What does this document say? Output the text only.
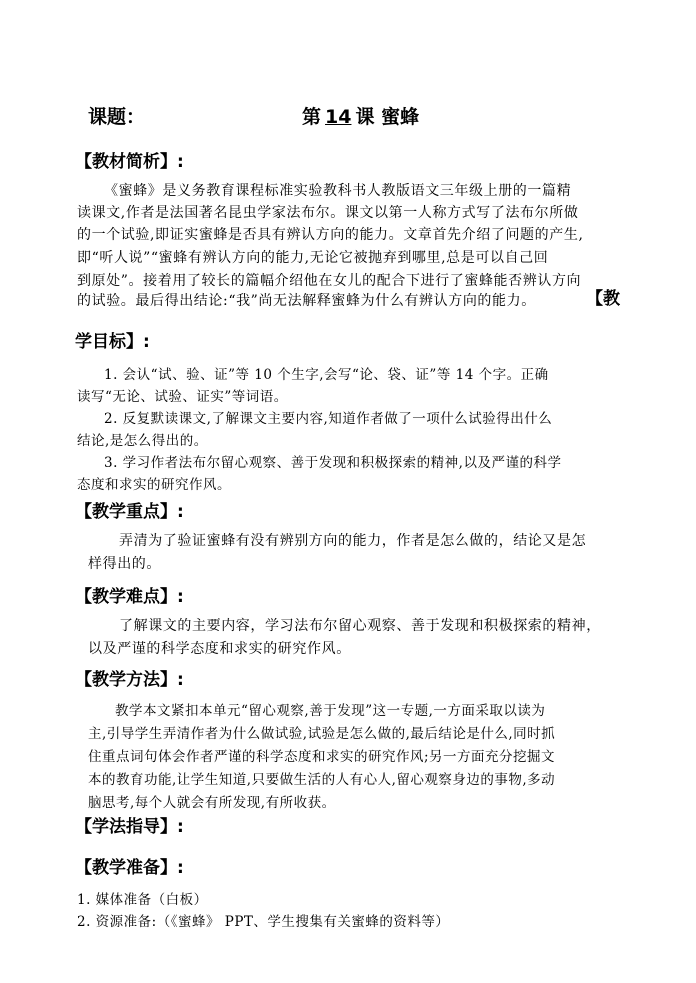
课题：	第 14 课 蜜蜂
【教材简析】:
《蜜蜂》是义务教育课程标准实验教科书人教版语文三年级上册的一篇精
读课文,作者是法国著名昆虫学家法布尔。课文以第一人称方式写了法布尔所做
的一个试验,即证实蜜蜂是否具有辨认方向的能力。文章首先介绍了问题的产生,
即“听人说”“蜜蜂有辨认方向的能力,无论它被抛弃到哪里,总是可以自己回
到原处”。接着用了较长的篇幅介绍他在女儿的配合下进行了蜜蜂能否辨认方向
的试验。最后得出结论:“我”尚无法解释蜜蜂为什么有辨认方向的能力。	【教
学目标】:
1. 会认“试、验、证”等 10 个生字,会写“论、袋、证”等 14 个字。正确
读写“无论、试验、证实”等词语。
2. 反复默读课文,了解课文主要内容,知道作者做了一项什么试验得出什么
结论,是怎么得出的。
3. 学习作者法布尔留心观察、善于发现和积极探索的精神,以及严谨的科学
态度和求实的研究作风。
【教学重点】:
弄清为了验证蜜蜂有没有辨别方向的能力，作者是怎么做的，结论又是怎
样得出的。
【教学难点】:
了解课文的主要内容，学习法布尔留心观察、善于发现和积极探索的精神，
以及严谨的科学态度和求实的研究作风。
【教学方法】:
教学本文紧扣本单元“留心观察,善于发现”这一专题,一方面采取以读为
主,引导学生弄清作者为什么做试验,试验是怎么做的,最后结论是什么,同时抓
住重点词句体会作者严谨的科学态度和求实的研究作风;另一方面充分挖掘文
本的教育功能,让学生知道,只要做生活的人有心人,留心观察身边的事物,多动
脑思考,每个人就会有所发现,有所收获。
【学法指导】:
【教学准备】:
1. 媒体准备（白板）
2. 资源准备:（《蜜蜂》 PPT、学生搜集有关蜜蜂的资料等）
